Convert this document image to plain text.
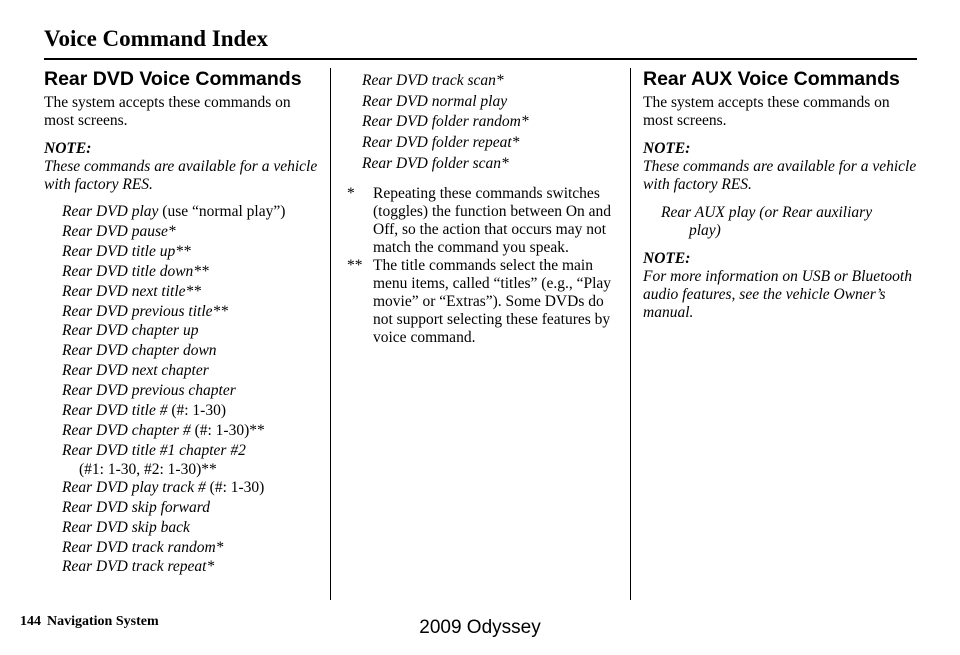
Voice Command Index
Rear DVD Voice Commands

The system accepts these commands on most screens.

NOTE:

These commands are available for a vehicle with factory RES.

Rear DVD play (use “normal play”)
Rear DVD pause*
Rear DVD title up**
Rear DVD title down**
Rear DVD next title**
Rear DVD previous title**
Rear DVD chapter up
Rear DVD chapter down
Rear DVD next chapter
Rear DVD previous chapter
Rear DVD title # (#: 1-30)
Rear DVD chapter # (#: 1-30)**
Rear DVD title #1 chapter #2
(#1: 1-30, #2: 1-30)**
Rear DVD play track # (#: 1-30)
Rear DVD skip forward
Rear DVD skip back
Rear DVD track random*
Rear DVD track repeat*
Rear DVD track scan*
Rear DVD normal play
Rear DVD folder random*
Rear DVD folder repeat*
Rear DVD folder scan*
*	Repeating these commands switches (toggles) the function between On and Off, so the action that occurs may not match the command you speak.
** The title commands select the main menu items, called “titles” (e.g., “Play movie” or “Extras”). Some DVDs do not support selecting these features by voice command.
Rear AUX Voice Commands

The system accepts these commands on most screens.

NOTE:

These commands are available for a vehicle with factory RES.

Rear AUX play (or Rear auxiliary
play)

NOTE:

For more information on USB or Bluetooth audio features, see the vehicle Owner’s manual.

144 Navigation System	2009 Odyssey
